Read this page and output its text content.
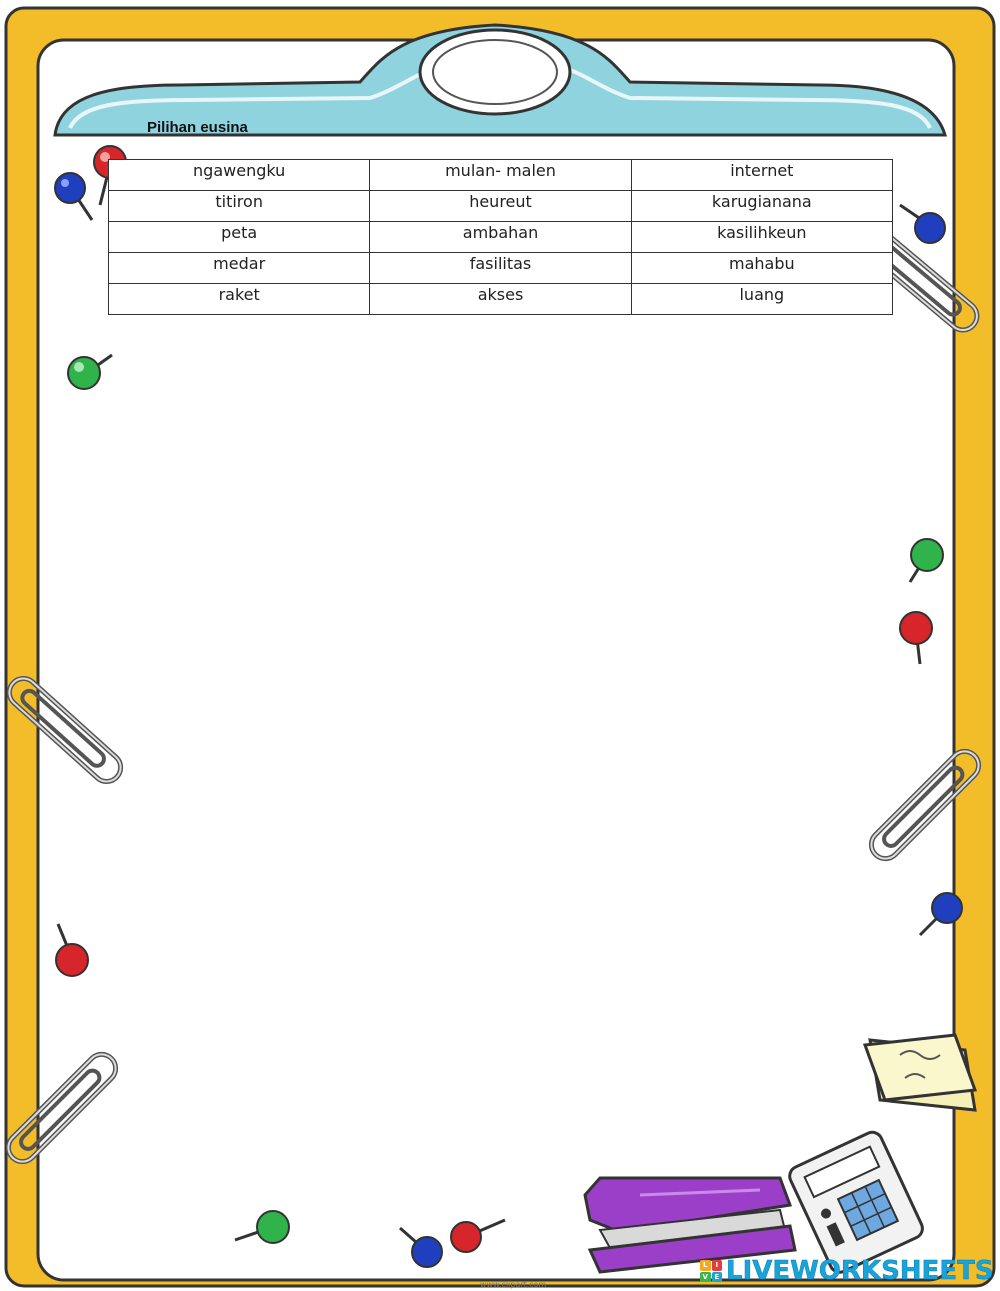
Pilihan eusina
ngawengku	mulan- malen	internet
titiron	heureut	karugianana
peta	ambahan	kasilihkeun
medar	fasilitas	mahabu
raket	akses	luang
www.clipart.com
L	I
V E LIVEWORKSHEETS
